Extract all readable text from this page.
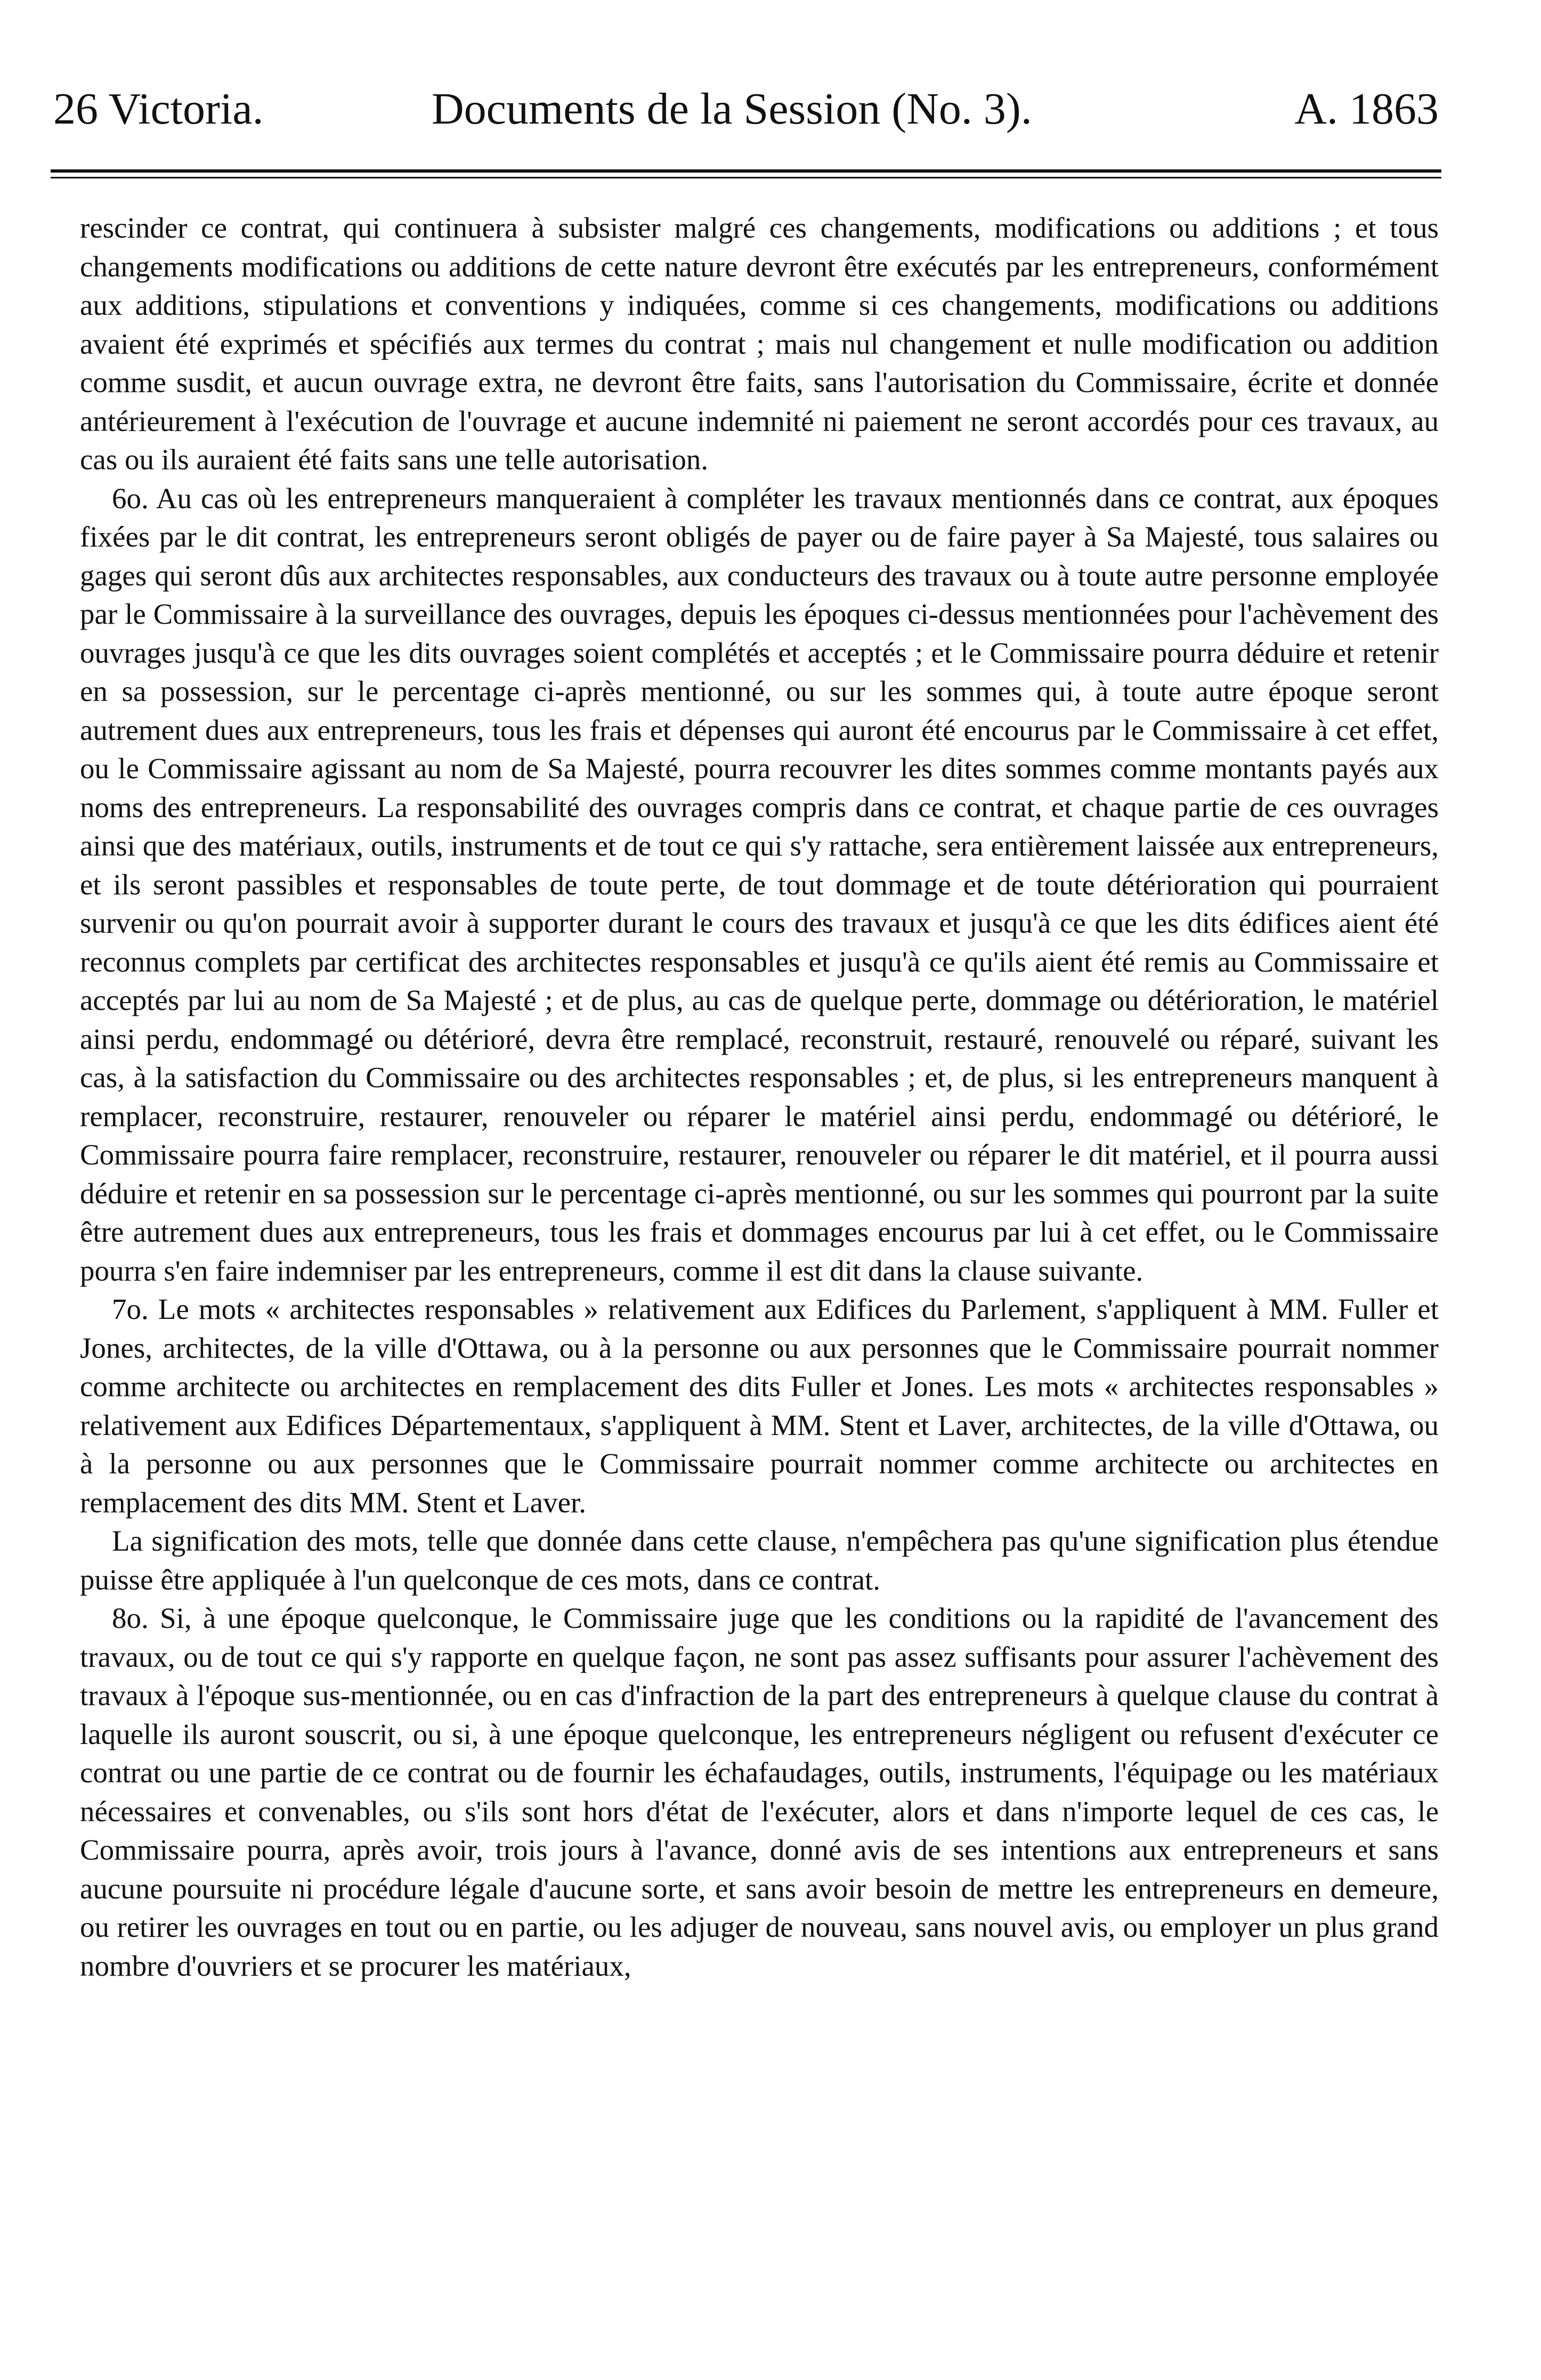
26 Victoria.	Documents de la Session (No. 3).	A. 1863

rescinder ce contrat, qui continuera à subsister malgré ces changements, modifications ou additions ; et tous changements modifications ou additions de cette nature devront être exécutés par les entrepreneurs, conformément aux additions, stipulations et conventions y indiquées, comme si ces changements, modifications ou additions avaient été exprimés et spécifiés aux termes du contrat ; mais nul changement et nulle modification ou addition comme susdit, et aucun ouvrage extra, ne devront être faits, sans l'autorisation du Commissaire, écrite et donnée antérieurement à l'exécution de l'ouvrage et aucune indemnité ni paiement ne seront accordés pour ces travaux, au cas ou ils auraient été faits sans une telle autorisation.

6o. Au cas où les entrepreneurs manqueraient à compléter les travaux mentionnés dans ce contrat, aux époques fixées par le dit contrat, les entrepreneurs seront obligés de payer ou de faire payer à Sa Majesté, tous salaires ou gages qui seront dûs aux architectes responsables, aux conducteurs des travaux ou à toute autre personne employée par le Commissaire à la surveillance des ouvrages, depuis les époques ci-dessus mentionnées pour l'achèvement des ouvrages jusqu'à ce que les dits ouvrages soient complétés et acceptés ; et le Commissaire pourra déduire et retenir en sa possession, sur le percentage ci-après mentionné, ou sur les sommes qui, à toute autre époque seront autrement dues aux entrepreneurs, tous les frais et dépenses qui auront été encourus par le Commissaire à cet effet, ou le Commissaire agissant au nom de Sa Majesté, pourra recouvrer les dites sommes comme montants payés aux noms des entrepreneurs. La responsabilité des ouvrages compris dans ce contrat, et chaque partie de ces ouvrages ainsi que des matériaux, outils, instruments et de tout ce qui s'y rattache, sera entièrement laissée aux entrepreneurs, et ils seront passibles et responsables de toute perte, de tout dommage et de toute détérioration qui pourraient survenir ou qu'on pourrait avoir à supporter durant le cours des travaux et jusqu'à ce que les dits édifices aient été reconnus complets par certificat des architectes responsables et jusqu'à ce qu'ils aient été remis au Commissaire et acceptés par lui au nom de Sa Majesté ; et de plus, au cas de quelque perte, dommage ou détérioration, le matériel ainsi perdu, endommagé ou détérioré, devra être remplacé, reconstruit, restauré, renouvelé ou réparé, suivant les cas, à la satisfaction du Commissaire ou des architectes responsables ; et, de plus, si les entrepreneurs manquent à remplacer, reconstruire, restaurer, renouveler ou réparer le matériel ainsi perdu, endommagé ou détérioré, le Commissaire pourra faire remplacer, reconstruire, restaurer, renouveler ou réparer le dit matériel, et il pourra aussi déduire et retenir en sa possession sur le percentage ci-après mentionné, ou sur les sommes qui pourront par la suite être autrement dues aux entrepreneurs, tous les frais et dommages encourus par lui à cet effet, ou le Commissaire pourra s'en faire indemniser par les entrepreneurs, comme il est dit dans la clause suivante.

7o. Le mots « architectes responsables » relativement aux Edifices du Parlement, s'appliquent à MM. Fuller et Jones, architectes, de la ville d'Ottawa, ou à la personne ou aux personnes que le Commissaire pourrait nommer comme architecte ou architectes en remplacement des dits Fuller et Jones. Les mots « architectes responsables » relativement aux Edifices Départementaux, s'appliquent à MM. Stent et Laver, architectes, de la ville d'Ottawa, ou à la personne ou aux personnes que le Commissaire pourrait nommer comme architecte ou architectes en remplacement des dits MM. Stent et Laver.

La signification des mots, telle que donnée dans cette clause, n'empêchera pas qu'une signification plus étendue puisse être appliquée à l'un quelconque de ces mots, dans ce contrat.

8o. Si, à une époque quelconque, le Commissaire juge que les conditions ou la rapidité de l'avancement des travaux, ou de tout ce qui s'y rapporte en quelque façon, ne sont pas assez suffisants pour assurer l'achèvement des travaux à l'époque sus-mentionnée, ou en cas d'infraction de la part des entrepreneurs à quelque clause du contrat à laquelle ils auront souscrit, ou si, à une époque quelconque, les entrepreneurs négligent ou refusent d'exécuter ce contrat ou une partie de ce contrat ou de fournir les échafaudages, outils, instruments, l'équipage ou les matériaux nécessaires et convenables, ou s'ils sont hors d'état de l'exécuter, alors et dans n'importe lequel de ces cas, le Commissaire pourra, après avoir, trois jours à l'avance, donné avis de ses intentions aux entrepreneurs et sans aucune poursuite ni procédure légale d'aucune sorte, et sans avoir besoin de mettre les entrepreneurs en demeure, ou retirer les ouvrages en tout ou en partie, ou les adjuger de nouveau, sans nouvel avis, ou employer un plus grand nombre d'ouvriers et se procurer les matériaux,
